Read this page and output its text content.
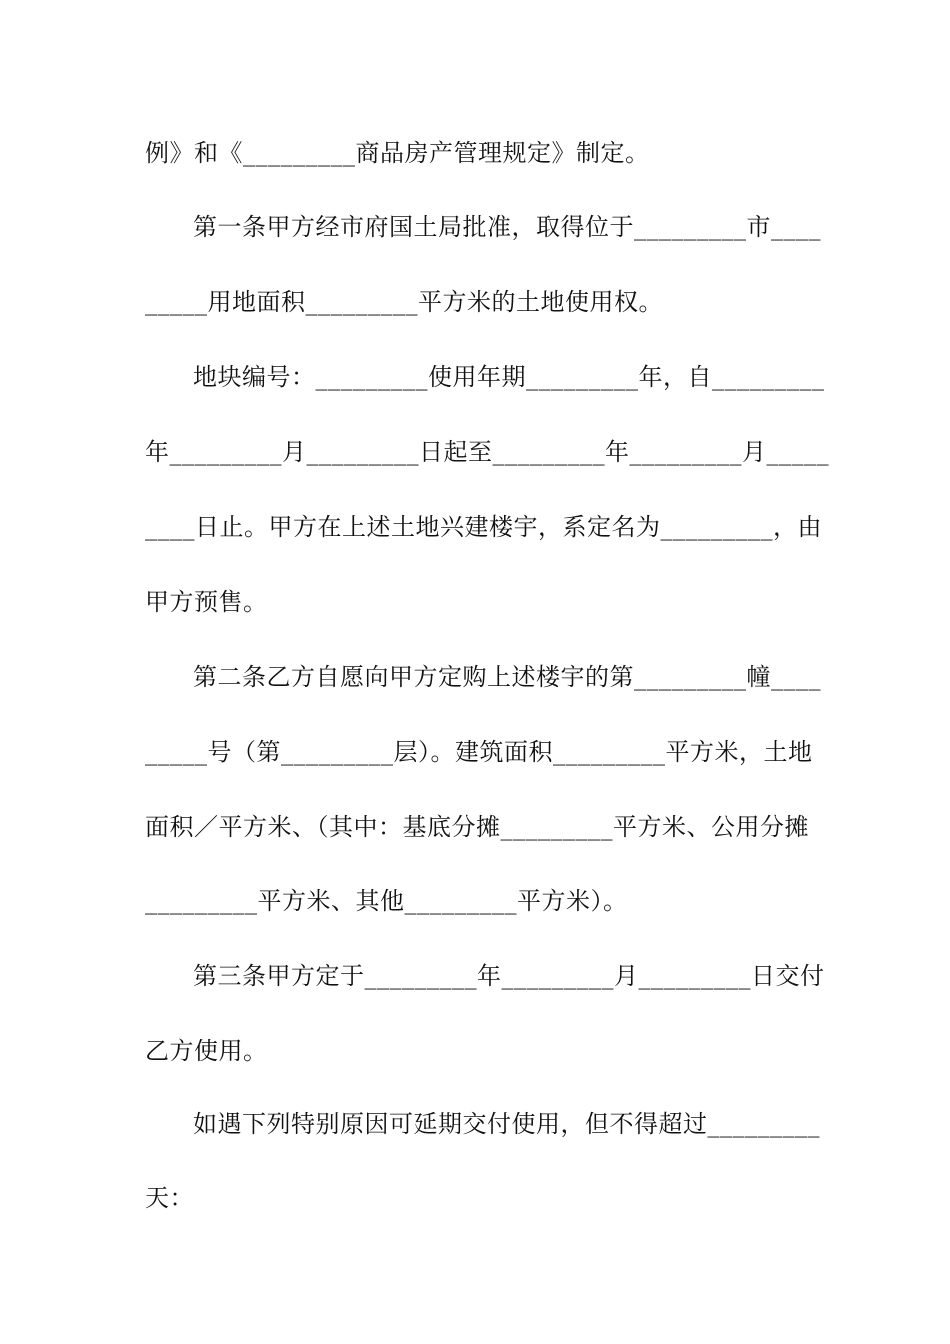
例》和《_________商品房产管理规定》制定。
第一条甲方经市府国土局批准，取得位于_________市____
_____用地面积_________平方米的土地使用权。
地块编号：_________使用年期_________年，自_________
年_________月_________日起至_________年_________月_____
____日止。甲方在上述土地兴建楼宇，系定名为_________，由
甲方预售。
第二条乙方自愿向甲方定购上述楼宇的第_________幢____
_____号（第_________层）。建筑面积_________平方米，土地
面积／平方米、（其中：基底分摊_________平方米、公用分摊
_________平方米、其他_________平方米）。
第三条甲方定于_________年_________月_________日交付
乙方使用。
如遇下列特别原因可延期交付使用，但不得超过_________
天：
